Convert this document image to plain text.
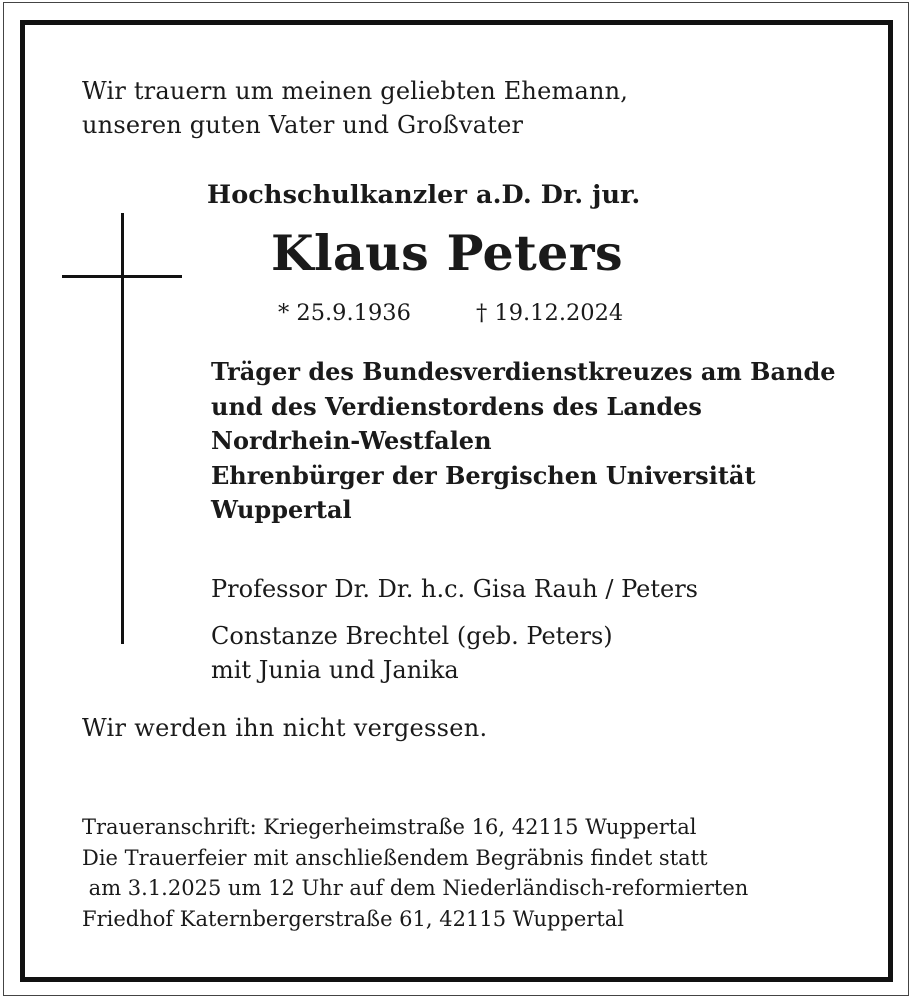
Wir trauern um meinen geliebten Ehemann,
unseren guten Vater und Großvater

Hochschulkanzler a.D. Dr. jur.

Klaus Peters

* 25.9.1936	† 19.12.2024

Träger des Bundesverdienstkreuzes am Bande
und des Verdienstordens des Landes
Nordrhein-Westfalen
Ehrenbürger der Bergischen Universität
Wuppertal
Professor Dr. Dr. h.c. Gisa Rauh / Peters
Constanze Brechtel (geb. Peters)
mit Junia und Janika

Wir werden ihn nicht vergessen.

Traueranschrift: Kriegerheimstraße 16, 42115 Wuppertal
Die Trauerfeier mit anschließendem Begräbnis findet statt
am 3.1.2025 um 12 Uhr auf dem Niederländisch-reformierten
Friedhof Katernbergerstraße 61, 42115 Wuppertal
